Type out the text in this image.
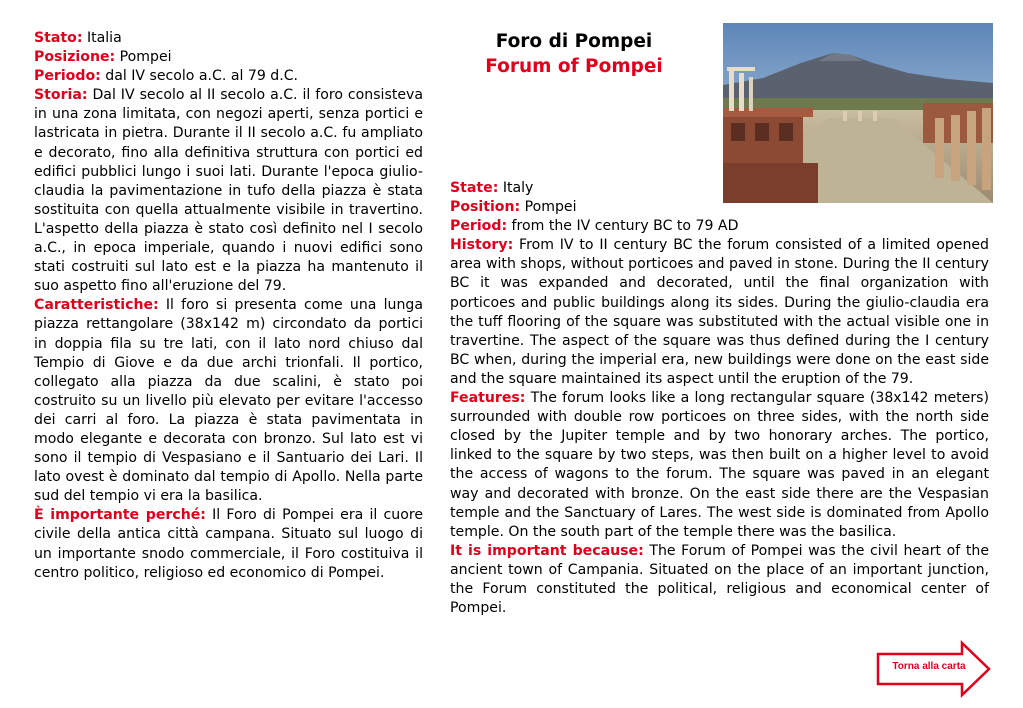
Stato: Italia

Posizione: Pompei

Periodo: dal IV secolo a.C. al 79 d.C.

Storia: Dal IV secolo al II secolo a.C. il foro consisteva in una zona limitata, con negozi aperti, senza portici e lastricata in pietra. Durante il II secolo a.C. fu ampliato e decorato, fino alla definitiva struttura con portici ed edifici pubblici lungo i suoi lati. Durante l'epoca giulio-claudia la pavimentazione in tufo della piazza è stata sostituita con quella attualmente visibile in travertino. L'aspetto della piazza è stato così definito nel I secolo a.C., in epoca imperiale, quando i nuovi edifici sono stati costruiti sul lato est e la piazza ha mantenuto il suo aspetto fino all'eruzione del 79.

Caratteristiche: Il foro si presenta come una lunga piazza rettangolare (38x142 m) circondato da portici in doppia fila su tre lati, con il lato nord chiuso dal Tempio di Giove e da due archi trionfali. Il portico, collegato alla piazza da due scalini, è stato poi costruito su un livello più elevato per evitare l'accesso dei carri al foro. La piazza è stata pavimentata in modo elegante e decorata con bronzo. Sul lato est vi sono il tempio di Vespasiano e il Santuario dei Lari. Il lato ovest è dominato dal tempio di Apollo. Nella parte sud del tempio vi era la basilica.

È importante perché: Il Foro di Pompei era il cuore civile della antica città campana. Situato sul luogo di un importante snodo commerciale, il Foro costituiva il centro politico, religioso ed economico di Pompei.

Foro di Pompei
Forum of Pompei

State: Italy

Position: Pompei

Period: from the IV century BC to 79 AD

History: From IV to II century BC the forum consisted of a limited opened area with shops, without porticoes and paved in stone. During the II century BC it was expanded and decorated, until the final organization with porticoes and public buildings along its sides. During the giulio-claudia era the tuff flooring of the square was substituted with the actual visible one in travertine. The aspect of the square was thus defined during the I century BC when, during the imperial era, new buildings were done on the east side and the square maintained its aspect until the eruption of the 79.

Features: The forum looks like a long rectangular square (38x142 meters) surrounded with double row porticoes on three sides, with the north side closed by the Jupiter temple and by two honorary arches. The portico, linked to the square by two steps, was then built on a higher level to avoid the access of wagons to the forum. The square was paved in an elegant way and decorated with bronze. On the east side there are the Vespasian temple and the Sanctuary of Lares. The west side is dominated from Apollo temple. On the south part of the temple there was the basilica.

It is important because: The Forum of Pompei was the civil heart of the ancient town of Campania. Situated on the place of an important junction, the Forum constituted the political, religious and economical center of Pompei.

Torna alla carta
